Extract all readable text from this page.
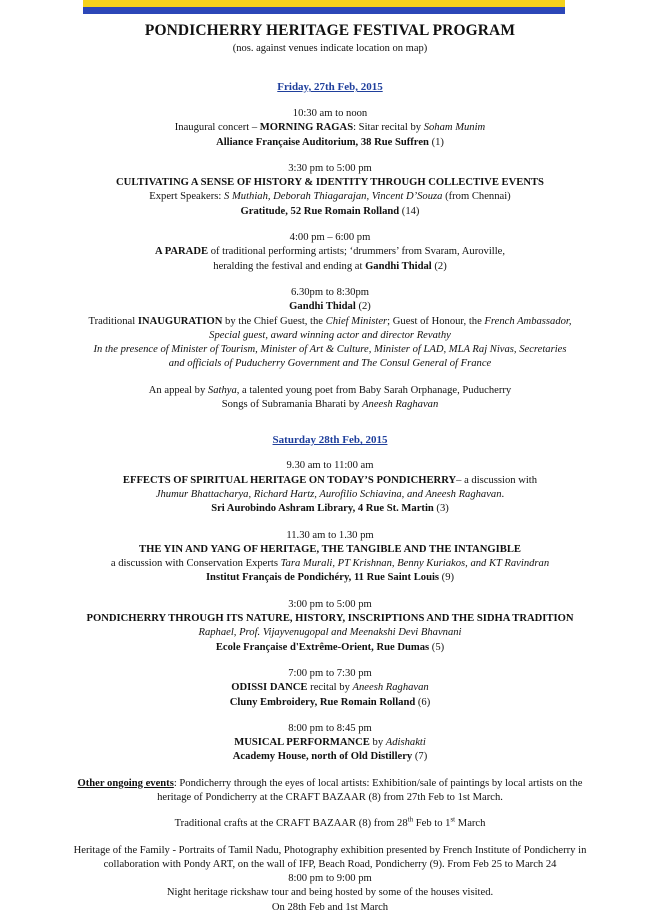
PONDICHERRY HERITAGE FESTIVAL PROGRAM
(nos. against venues indicate location on map)
Friday, 27th Feb, 2015
10:30 am to noon
Inaugural concert – MORNING RAGAS: Sitar recital by Soham Munim
Alliance Française Auditorium, 38 Rue Suffren (1)
3:30 pm to 5:00 pm
CULTIVATING A SENSE OF HISTORY & IDENTITY THROUGH COLLECTIVE EVENTS
Expert Speakers: S Muthiah, Deborah Thiagarajan, Vincent D’Souza (from Chennai)
Gratitude, 52 Rue Romain Rolland (14)
4:00 pm – 6:00 pm
A PARADE of traditional performing artists; ‘drummers’ from Svaram, Auroville,
heralding the festival and ending at Gandhi Thidal (2)
6.30pm to 8:30pm
Gandhi Thidal (2)
Traditional INAUGURATION by the Chief Guest, the Chief Minister; Guest of Honour, the French Ambassador,
Special guest, award winning actor and director Revathy
In the presence of Minister of Tourism, Minister of Art & Culture, Minister of LAD, MLA Raj Nivas, Secretaries
and officials of Puducherry Government and The Consul General of France
An appeal by Sathya, a talented young poet from Baby Sarah Orphanage, Puducherry
Songs of Subramania Bharati by Aneesh Raghavan
Saturday 28th Feb, 2015
9.30 am to 11:00 am
EFFECTS OF SPIRITUAL HERITAGE ON TODAY’S PONDICHERRY– a discussion with
Jhumur Bhattacharya, Richard Hartz, Aurofilio Schiavina, and Aneesh Raghavan.
Sri Aurobindo Ashram Library, 4 Rue St. Martin (3)
11.30 am to 1.30 pm
THE YIN AND YANG OF HERITAGE, THE TANGIBLE AND THE INTANGIBLE
a discussion with Conservation Experts Tara Murali, PT Krishnan, Benny Kuriakos, and KT Ravindran
Institut Français de Pondichéry, 11 Rue Saint Louis (9)
3:00 pm to 5:00 pm
PONDICHERRY THROUGH ITS NATURE, HISTORY, INSCRIPTIONS AND THE SIDHA TRADITION
Raphael, Prof. Vijayvenugopal and Meenakshi Devi Bhavnani
Ecole Française d'Extrême-Orient, Rue Dumas (5)
7:00 pm to 7:30 pm
ODISSI DANCE recital by Aneesh Raghavan
Cluny Embroidery, Rue Romain Rolland (6)
8:00 pm to 8:45 pm
MUSICAL PERFORMANCE by Adishakti
Academy House, north of Old Distillery (7)
Other ongoing events: Pondicherry through the eyes of local artists: Exhibition/sale of paintings by local artists on the
heritage of Pondicherry at the CRAFT BAZAAR (8) from 27th Feb to 1st March.
Traditional crafts at the CRAFT BAZAAR (8) from 28th Feb to 1st March
Heritage of the Family - Portraits of Tamil Nadu, Photography exhibition presented by French Institute of Pondicherry in
collaboration with Pondy ART, on the wall of IFP, Beach Road, Pondicherry (9). From Feb 25 to March 24
8:00 pm to 9:00 pm
Night heritage rickshaw tour and being hosted by some of the houses visited.
On 28th Feb and 1st March
